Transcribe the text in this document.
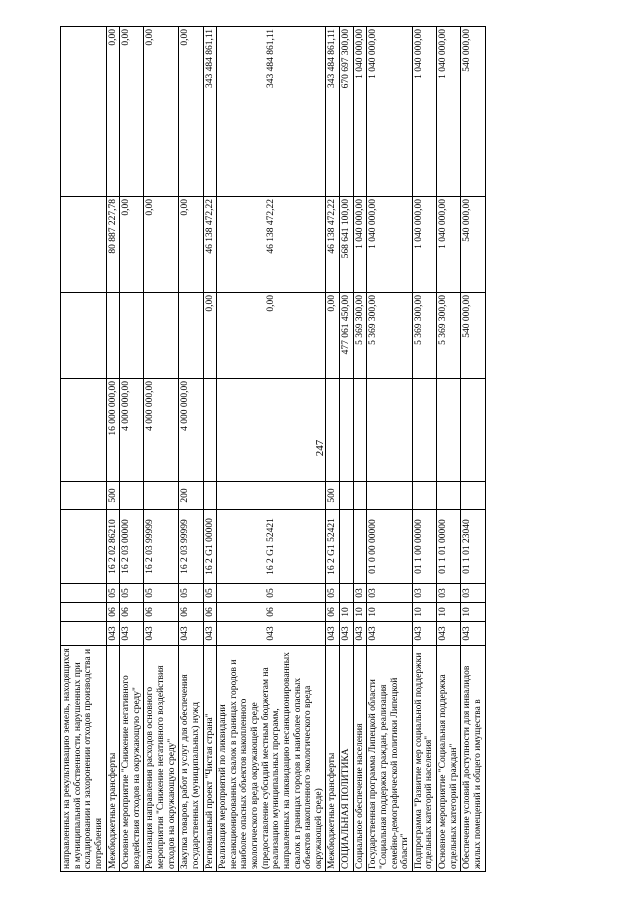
247
направленных на рекультивацию земель, находящихся в муниципальной собственности, нарушенных при складировании и захоронении отходов производства и потребления									
Межбюджетные трансферты	043	06	05	16 2 02 86210	500	16 000 000,00		80 887 227,78	0,00
Основное мероприятие "Снижение негативного воздействия отходов на окружающую среду"	043	06	05	16 2 03 00000		4 000 000,00		0,00	0,00
Реализация направления расходов основного мероприятия "Снижение негативного воздействия отходов на окружающую среду"	043	06	05	16 2 03 99999		4 000 000,00		0,00	0,00
Закупка товаров, работ и услуг для обеспечения государственных (муниципальных) нужд	043	06	05	16 2 03 99999	200	4 000 000,00		0,00	0,00
Региональный проект "Чистая страна"	043	06	05	16 2 G1 00000			0,00	46 138 472,22	343 484 861,11
Реализация мероприятий по ликвидации несанкционированных свалок в границах городов и наиболее опасных объектов накопленного экологического вреда окружающей среде (предоставление субсидий местным бюджетам на реализацию муниципальных программ, направленных на ликвидацию несанкционированных свалок в границах городов и наиболее опасных объектов накопленного экологического вреда окружающей среде)	043	06	05	16 2 G1 52421			0,00	46 138 472,22	343 484 861,11
Межбюджетные трансферты	043	06	05	16 2 G1 52421	500		0,00	46 138 472,22	343 484 861,11
СОЦИАЛЬНАЯ ПОЛИТИКА	043	10					477 061 450,00	568 641 100,00	670 697 300,00
Социальное обеспечение населения	043	10	03				5 369 300,00	1 040 000,00	1 040 000,00
Государственная программа Липецкой области "Социальная поддержка граждан, реализация семейно-демографической политики Липецкой области"	043	10	03	01 0 00 00000			5 369 300,00	1 040 000,00	1 040 000,00
Подпрограмма "Развитие мер социальной поддержки отдельных категорий населения"	043	10	03	01 1 00 00000			5 369 300,00	1 040 000,00	1 040 000,00
Основное мероприятие "Социальная поддержка отдельных категорий граждан"	043	10	03	01 1 01 00000			5 369 300,00	1 040 000,00	1 040 000,00
Обеспечение условий доступности для инвалидов жилых помещений и общего имущества в	043	10	03	01 1 01 23040			540 000,00	540 000,00	540 000,00
